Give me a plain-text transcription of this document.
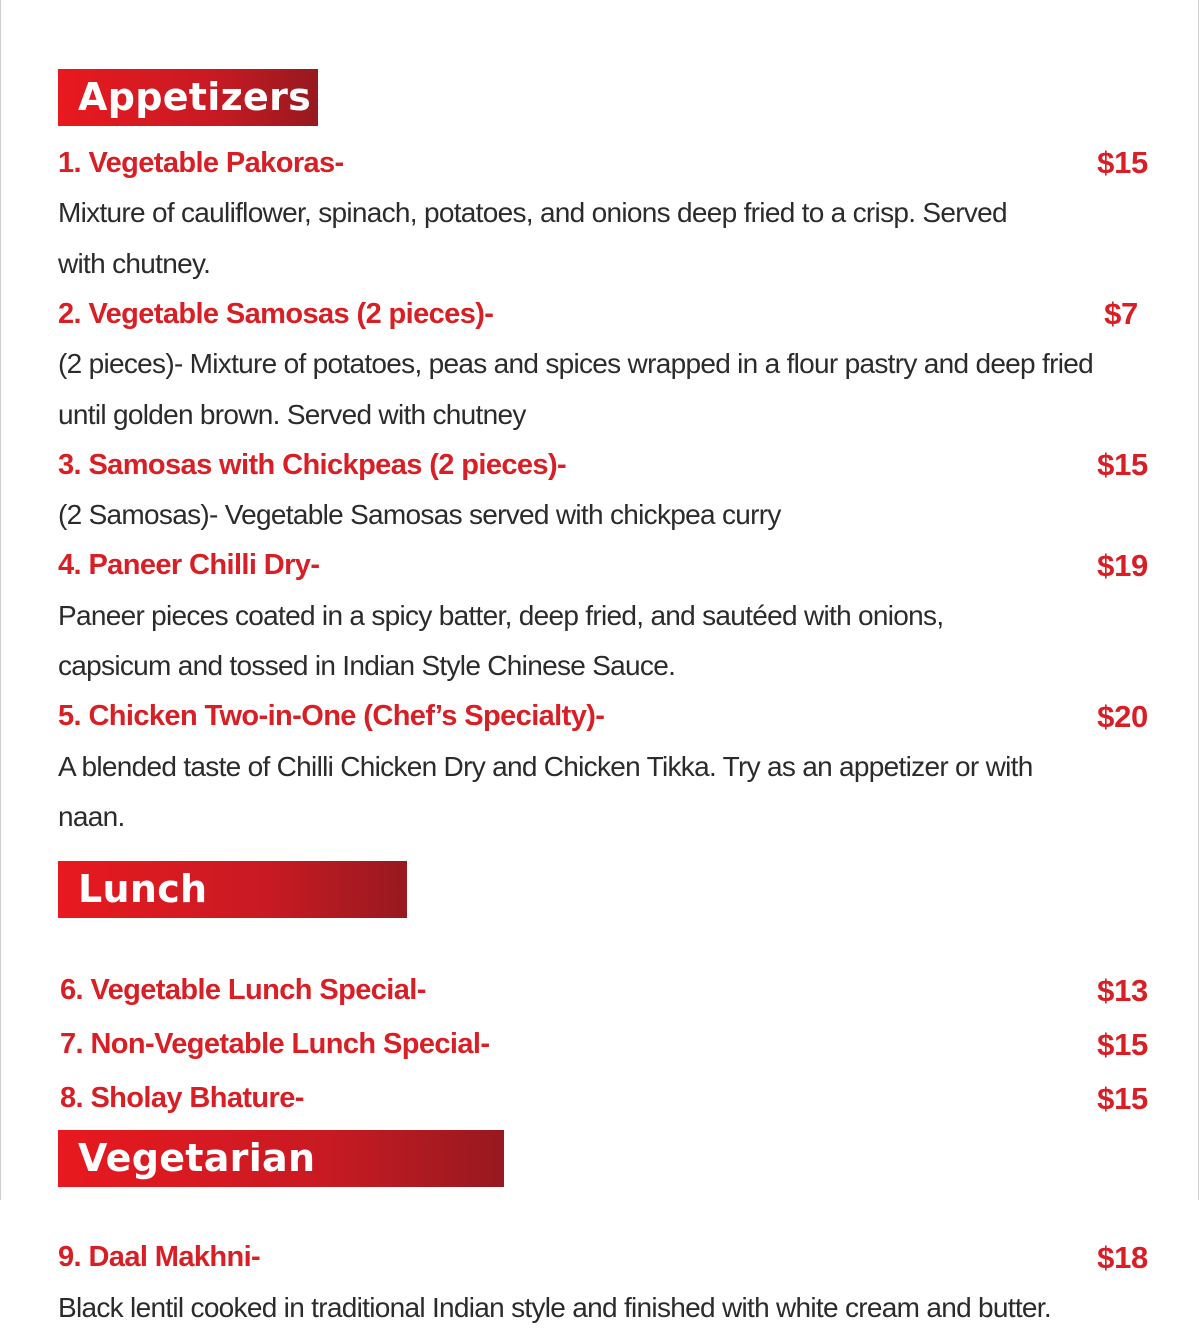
Appetizers
1. Vegetable Pakoras-	$15
Mixture of cauliflower, spinach, potatoes, and onions deep fried to a crisp. Served with chutney.
2. Vegetable Samosas (2 pieces)-	$7
(2 pieces)- Mixture of potatoes, peas and spices wrapped in a flour pastry and deep fried until golden brown. Served with chutney
3. Samosas with Chickpeas (2 pieces)-	$15
(2 Samosas)- Vegetable Samosas served with chickpea curry
4. Paneer Chilli Dry-	$19
Paneer pieces coated in a spicy batter, deep fried, and sautéed with onions, capsicum and tossed in Indian Style Chinese Sauce.
5. Chicken Two-in-One (Chef’s Specialty)-	$20
A blended taste of Chilli Chicken Dry and Chicken Tikka. Try as an appetizer or with naan.
Lunch Specials
6. Vegetable Lunch Special-	$13
7. Non-Vegetable Lunch Special-	$15
8. Sholay Bhature-	$15
Vegetarian Delights
9. Daal Makhni-	$18
Black lentil cooked in traditional Indian style and finished with white cream and butter.
